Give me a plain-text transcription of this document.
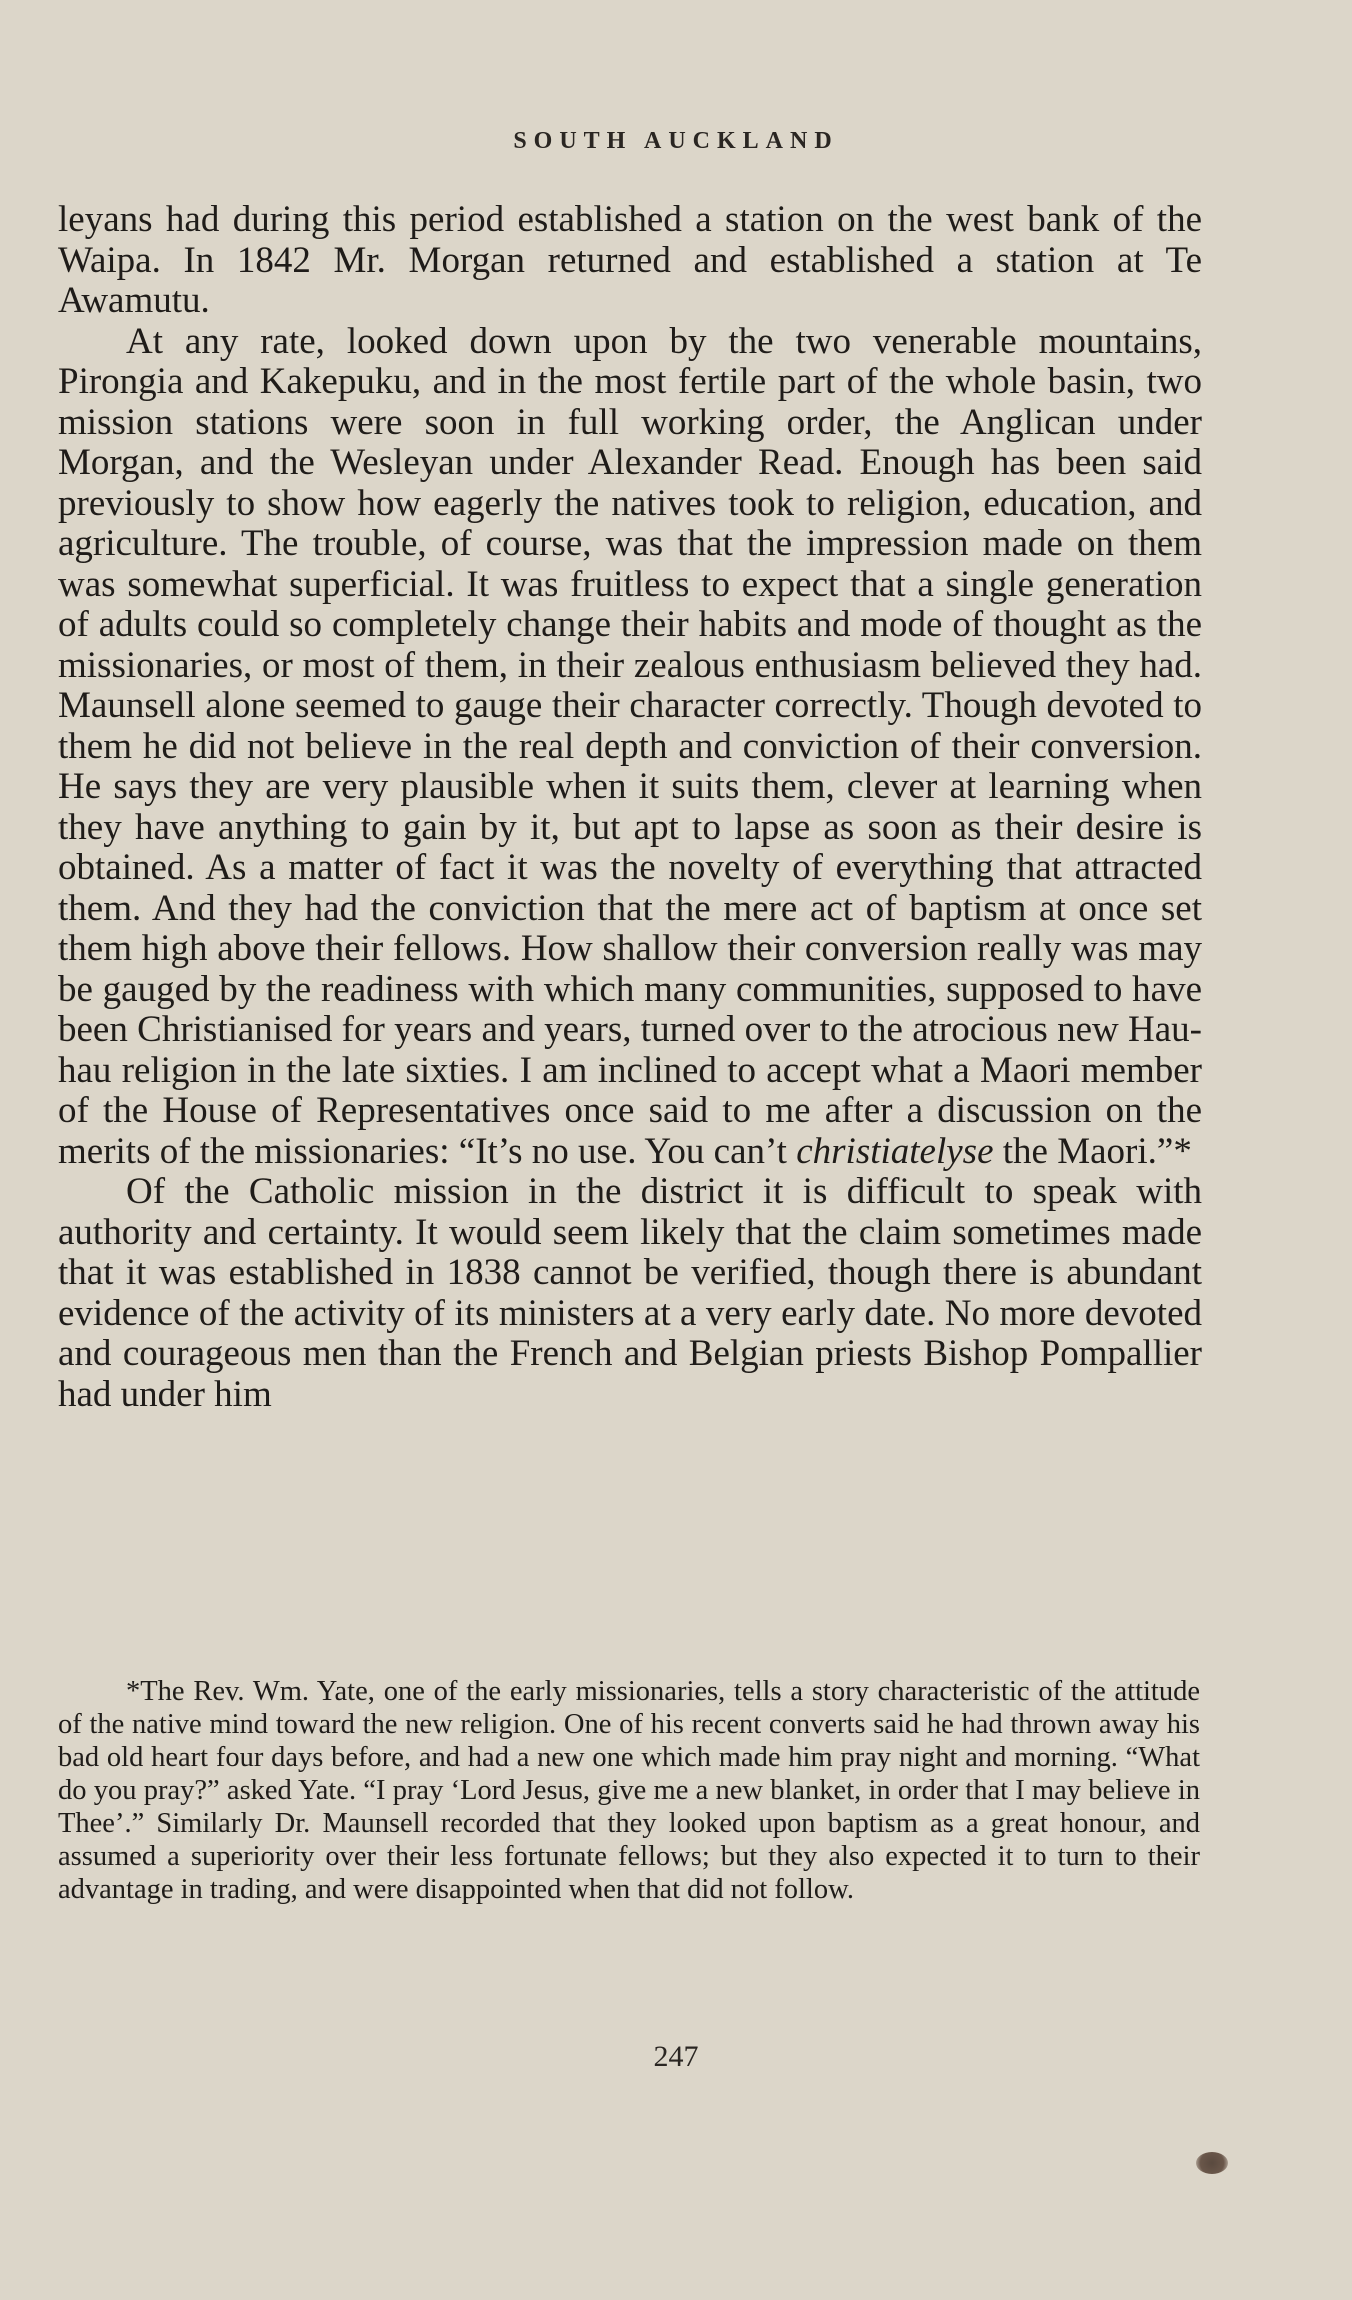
SOUTH AUCKLAND

leyans had during this period established a station on the west bank of the Waipa. In 1842 Mr. Morgan returned and established a station at Te Awamutu.

At any rate, looked down upon by the two venerable mountains, Pirongia and Kakepuku, and in the most fertile part of the whole basin, two mission stations were soon in full working order, the Anglican under Morgan, and the Wesleyan under Alexander Read. Enough has been said previously to show how eagerly the natives took to religion, education, and agriculture. The trouble, of course, was that the impression made on them was somewhat superficial. It was fruitless to expect that a single generation of adults could so completely change their habits and mode of thought as the missionaries, or most of them, in their zealous enthusiasm believed they had. Maunsell alone seemed to gauge their character correctly. Though devoted to them he did not believe in the real depth and conviction of their conversion. He says they are very plausible when it suits them, clever at learning when they have anything to gain by it, but apt to lapse as soon as their desire is obtained. As a matter of fact it was the novelty of everything that attracted them. And they had the conviction that the mere act of baptism at once set them high above their fellows. How shallow their conversion really was may be gauged by the readiness with which many communities, supposed to have been Christianised for years and years, turned over to the atrocious new Hau-hau religion in the late sixties. I am inclined to accept what a Maori member of the House of Representatives once said to me after a discussion on the merits of the missionaries: “It’s no use. You can’t christiatelyse the Maori.”*

Of the Catholic mission in the district it is difficult to speak with authority and certainty. It would seem likely that the claim sometimes made that it was established in 1838 cannot be verified, though there is abundant evidence of the activity of its ministers at a very early date. No more devoted and courageous men than the French and Belgian priests Bishop Pompallier had under him

*The Rev. Wm. Yate, one of the early missionaries, tells a story characteristic of the attitude of the native mind toward the new religion. One of his recent converts said he had thrown away his bad old heart four days before, and had a new one which made him pray night and morning. “What do you pray?” asked Yate. “I pray ‘Lord Jesus, give me a new blanket, in order that I may believe in Thee’.” Similarly Dr. Maunsell recorded that they looked upon baptism as a great honour, and assumed a superiority over their less fortunate fellows; but they also expected it to turn to their advantage in trading, and were disappointed when that did not follow.

247
